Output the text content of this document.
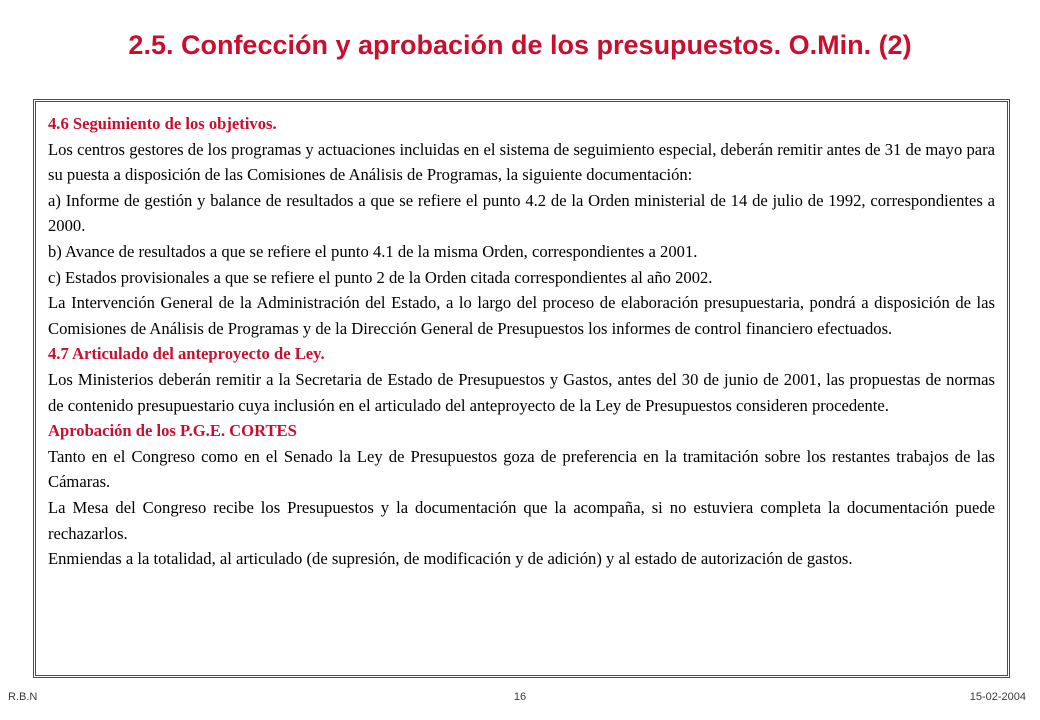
2.5. Confección y aprobación de los presupuestos. O.Min. (2)

4.6 Seguimiento de los objetivos.

Los centros gestores de los programas y actuaciones incluidas en el sistema de seguimiento especial, deberán remitir antes de 31 de mayo para su puesta a disposición de las Comisiones de Análisis de Programas, la siguiente documentación:

a) Informe de gestión y balance de resultados a que se refiere el punto 4.2 de la Orden ministerial de 14 de julio de 1992, correspondientes a 2000.

b) Avance de resultados a que se refiere el punto 4.1 de la misma Orden, correspondientes a 2001.

c) Estados provisionales a que se refiere el punto 2 de la Orden citada correspondientes al año 2002.

La Intervención General de la Administración del Estado, a lo largo del proceso de elaboración presupuestaria, pondrá a disposición de las Comisiones de Análisis de Programas y de la Dirección General de Presupuestos los informes de control financiero efectuados.

4.7 Articulado del anteproyecto de Ley.

Los Ministerios deberán remitir a la Secretaria de Estado de Presupuestos y Gastos, antes del 30 de junio de 2001, las propuestas de normas de contenido presupuestario cuya inclusión en el articulado del anteproyecto de la Ley de Presupuestos consideren procedente.

Aprobación de los P.G.E. CORTES

Tanto en el Congreso como en el Senado la Ley de Presupuestos goza de preferencia en la tramitación sobre los restantes trabajos de las Cámaras.

La Mesa del Congreso recibe los Presupuestos y la documentación que la acompaña, si no estuviera completa la documentación puede rechazarlos.

Enmiendas a la totalidad, al articulado (de supresión, de modificación y de adición) y al estado de autorización de gastos.

R.B.N	16	15-02-2004
